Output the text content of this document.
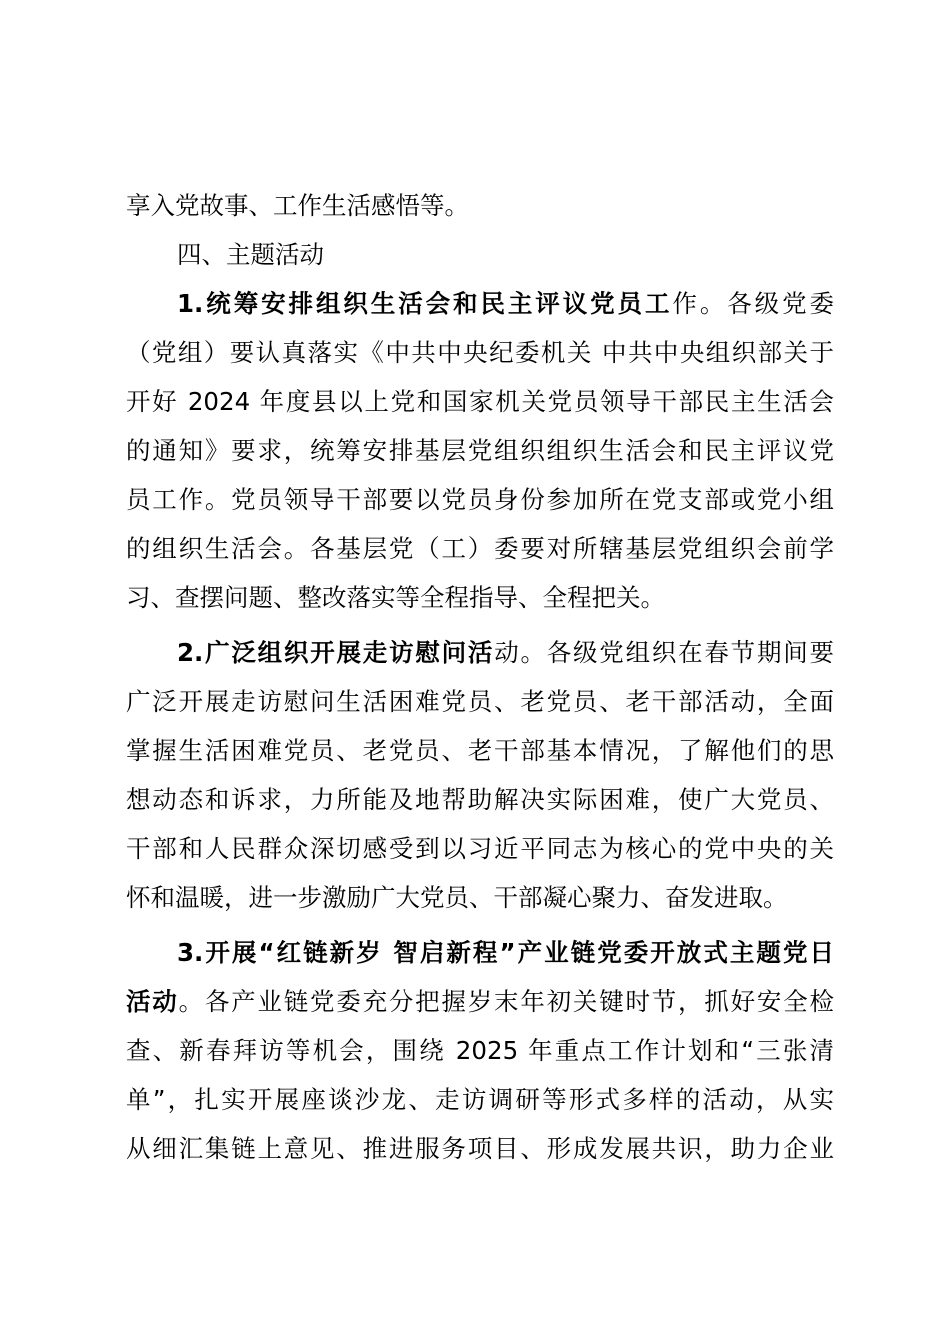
享入党故事、工作生活感悟等。
四、主题活动
1.统筹安排组织生活会和民主评议党员工作。各级党委
（党组）要认真落实《中共中央纪委机关 中共中央组织部关于
开好 2024 年度县以上党和国家机关党员领导干部民主生活会
的通知》要求，统筹安排基层党组织组织生活会和民主评议党
员工作。党员领导干部要以党员身份参加所在党支部或党小组
的组织生活会。各基层党（工）委要对所辖基层党组织会前学
习、查摆问题、整改落实等全程指导、全程把关。
2.广泛组织开展走访慰问活动。各级党组织在春节期间要
广泛开展走访慰问生活困难党员、老党员、老干部活动，全面
掌握生活困难党员、老党员、老干部基本情况，了解他们的思
想动态和诉求，力所能及地帮助解决实际困难，使广大党员、
干部和人民群众深切感受到以习近平同志为核心的党中央的关
怀和温暖，进一步激励广大党员、干部凝心聚力、奋发进取。
3.开展“红链新岁 智启新程”产业链党委开放式主题党日
活动。各产业链党委充分把握岁末年初关键时节，抓好安全检
查、新春拜访等机会，围绕 2025 年重点工作计划和“三张清
单”，扎实开展座谈沙龙、走访调研等形式多样的活动，从实
从细汇集链上意见、推进服务项目、形成发展共识，助力企业
